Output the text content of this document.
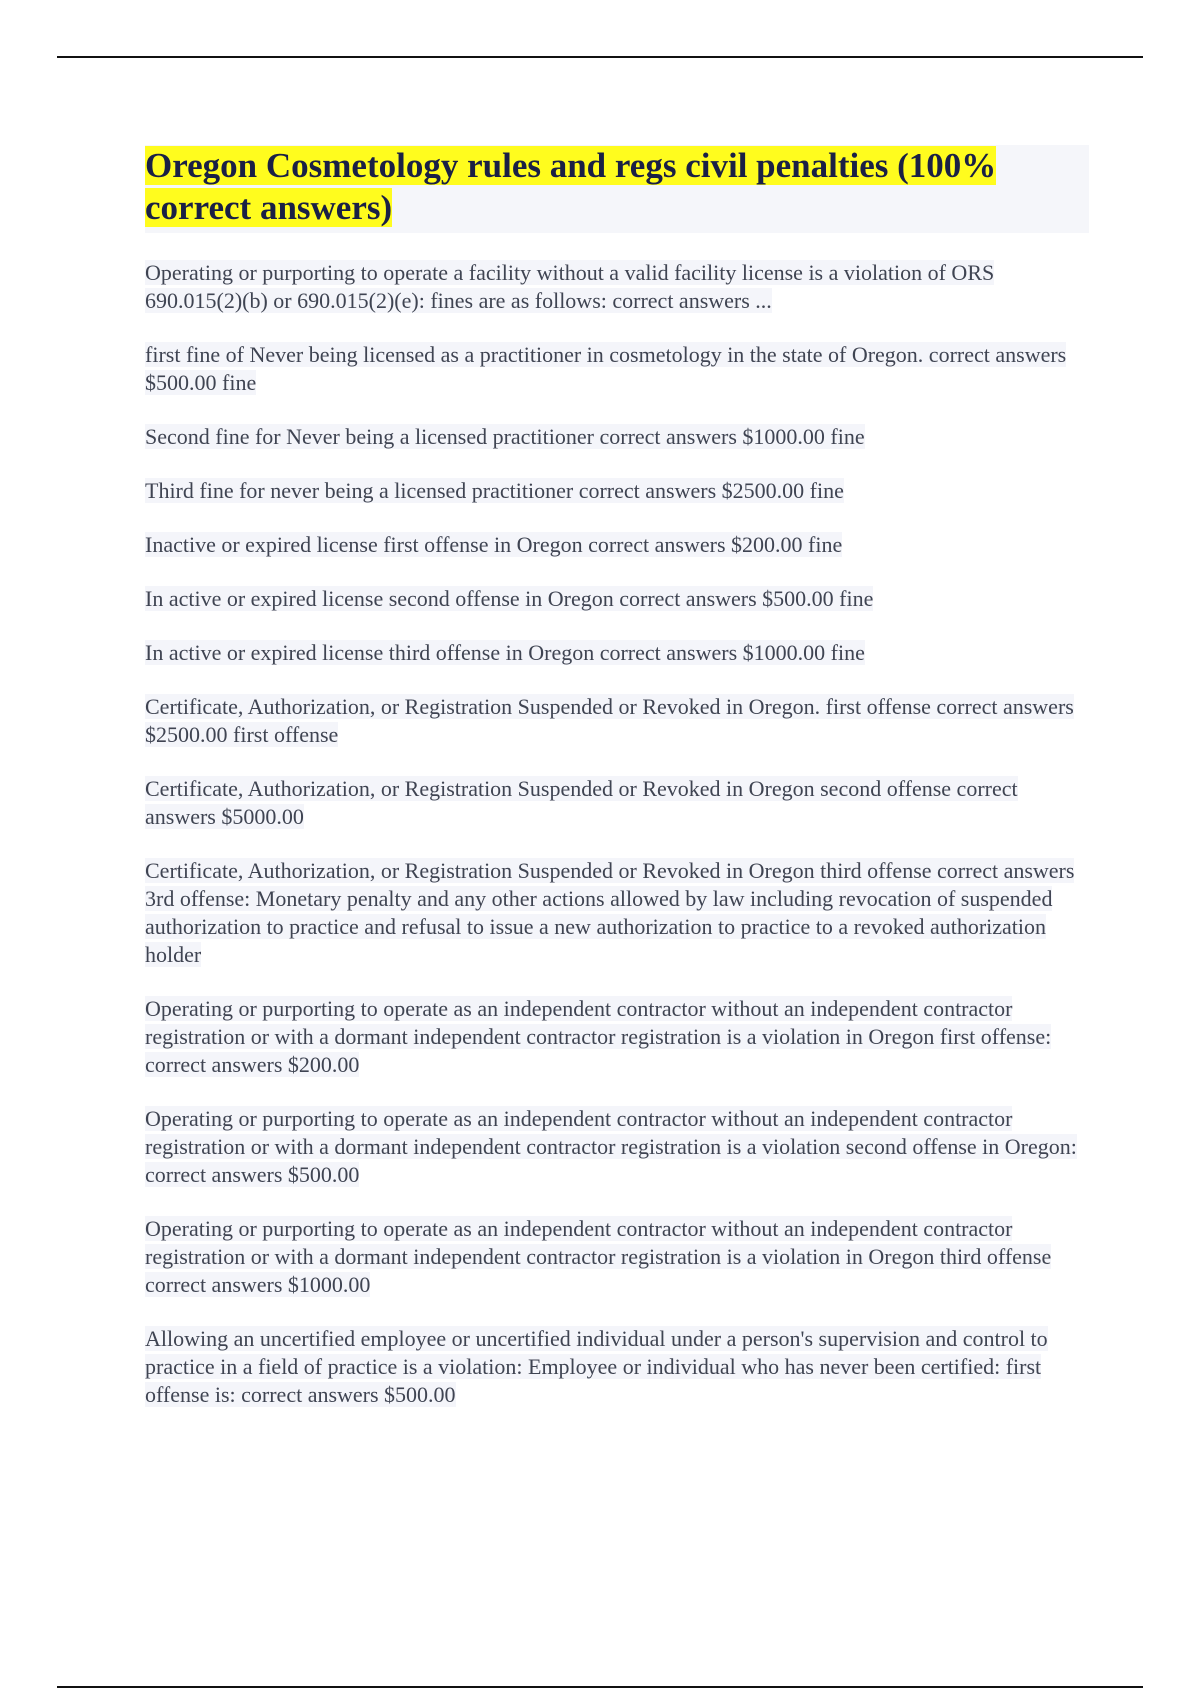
Oregon Cosmetology rules and regs civil penalties (100% correct answers)

Operating or purporting to operate a facility without a valid facility license is a violation of ORS 690.015(2)(b) or 690.015(2)(e): fines are as follows: correct answers ...

first fine of Never being licensed as a practitioner in cosmetology in the state of Oregon. correct answers $500.00 fine

Second fine for Never being a licensed practitioner correct answers $1000.00 fine

Third fine for never being a licensed practitioner correct answers $2500.00 fine

Inactive or expired license first offense in Oregon correct answers $200.00 fine

In active or expired license second offense in Oregon correct answers $500.00 fine

In active or expired license third offense in Oregon correct answers $1000.00 fine

Certificate, Authorization, or Registration Suspended or Revoked in Oregon. first offense correct answers $2500.00 first offense

Certificate, Authorization, or Registration Suspended or Revoked in Oregon second offense correct answers $5000.00

Certificate, Authorization, or Registration Suspended or Revoked in Oregon third offense correct answers 3rd offense: Monetary penalty and any other actions allowed by law including revocation of suspended authorization to practice and refusal to issue a new authorization to practice to a revoked authorization holder

Operating or purporting to operate as an independent contractor without an independent contractor registration or with a dormant independent contractor registration is a violation in Oregon first offense: correct answers $200.00

Operating or purporting to operate as an independent contractor without an independent contractor registration or with a dormant independent contractor registration is a violation second offense in Oregon: correct answers $500.00

Operating or purporting to operate as an independent contractor without an independent contractor registration or with a dormant independent contractor registration is a violation in Oregon third offense correct answers $1000.00

Allowing an uncertified employee or uncertified individual under a person's supervision and control to practice in a field of practice is a violation: Employee or individual who has never been certified: first offense is: correct answers $500.00
